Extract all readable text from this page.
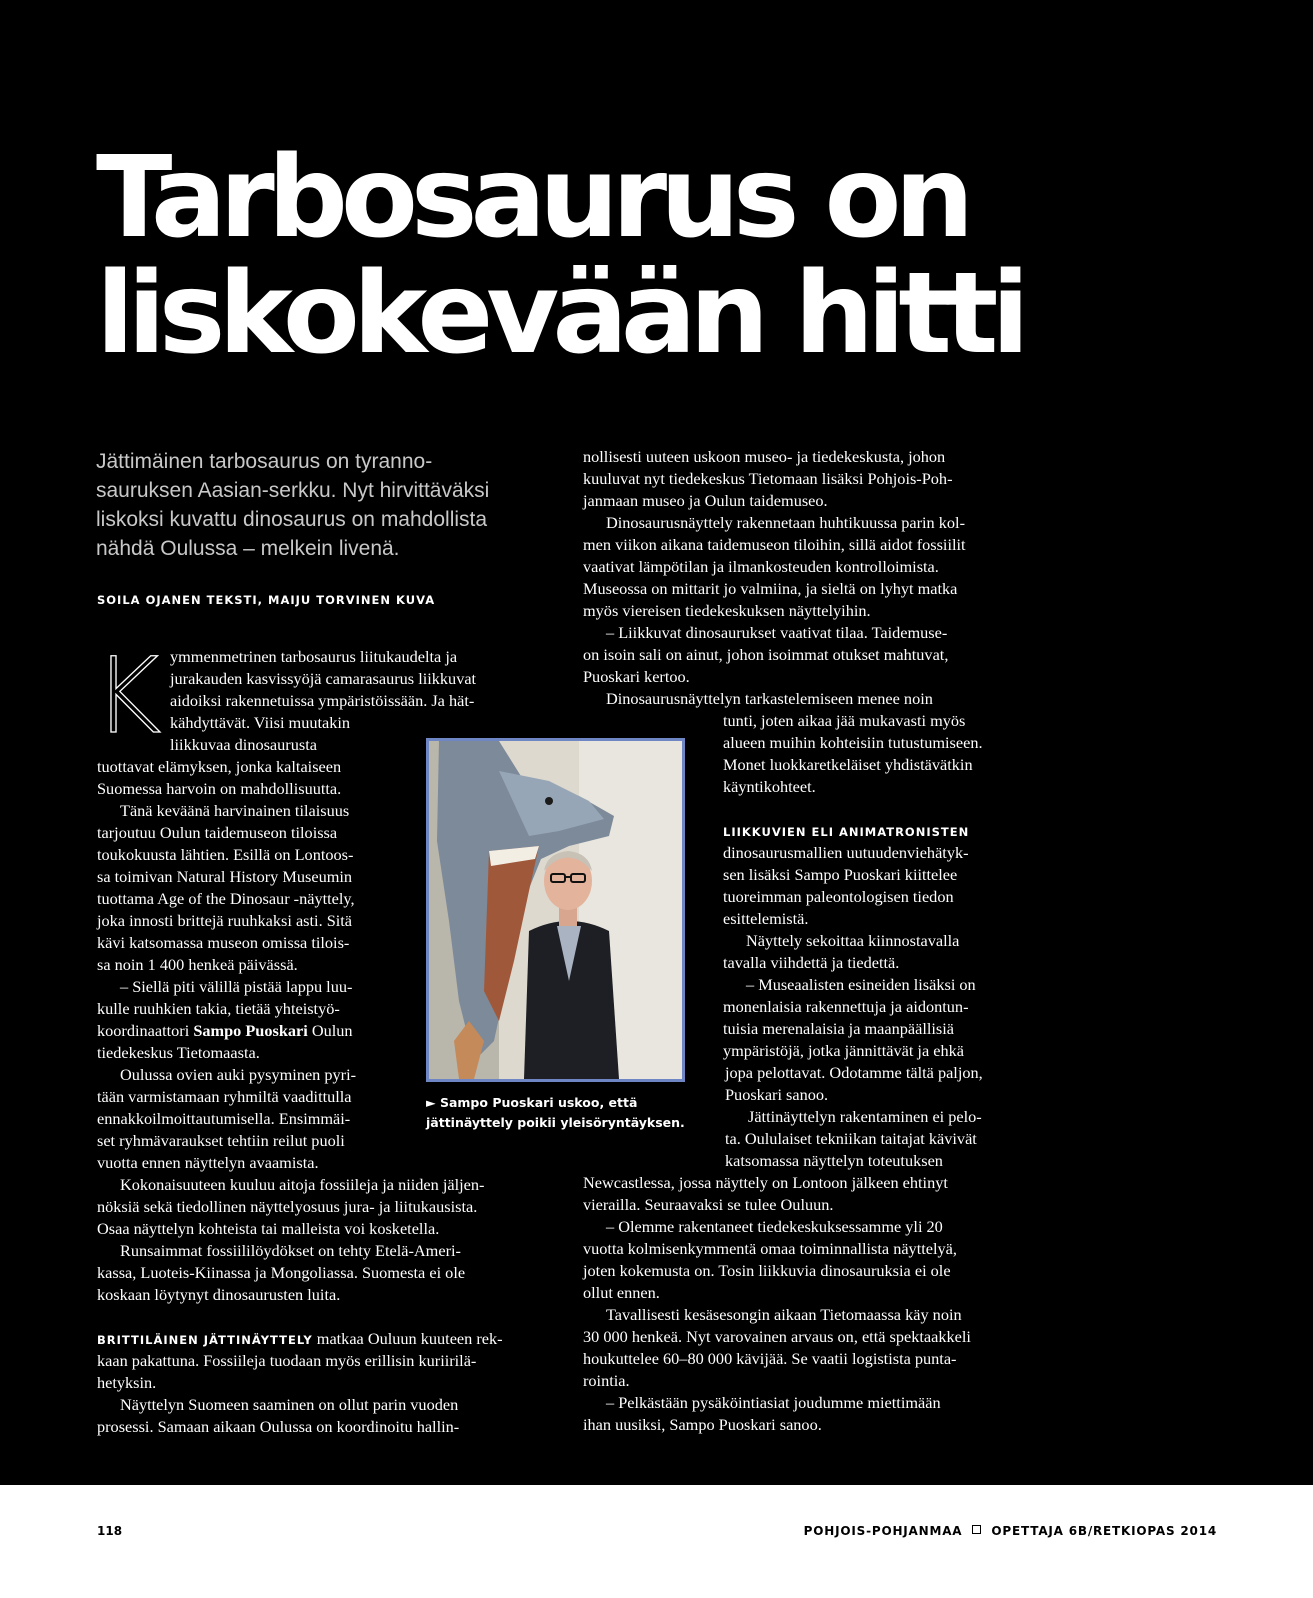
Tarbosaurus on
liskokevään hitti
Jättimäinen tarbosaurus on tyranno-
sauruksen Aasian-serkku. Nyt hirvittäväksi
liskoksi kuvattu dinosaurus on mahdollista
nähdä Oulussa – melkein livenä.
SOILA OJANEN TEKSTI, MAIJU TORVINEN KUVA
K ymmenmetrinen tarbosaurus liitukaudelta ja
jurakauden kasvissyöjä camarasaurus liikkuvat
aidoiksi rakennetuissa ympäristöissään. Ja hät-
kähdyttävät. Viisi muutakin
liikkuvaa dinosaurusta
tuottavat elämyksen, jonka kaltaiseen
Suomessa harvoin on mahdollisuutta.
Tänä keväänä harvinainen tilaisuus
tarjoutuu Oulun taidemuseon tiloissa
toukokuusta lähtien. Esillä on Lontoos-
sa toimivan Natural History Museumin
tuottama Age of the Dinosaur -näyttely,
joka innosti brittejä ruuhkaksi asti. Sitä
kävi katsomassa museon omissa tilois-
sa noin 1 400 henkeä päivässä.
– Siellä piti välillä pistää lappu luu-
kulle ruuhkien takia, tietää yhteistyö-
koordinaattori Sampo Puoskari Oulun
tiedekeskus Tietomaasta.
Oulussa ovien auki pysyminen pyri-
tään varmistamaan ryhmiltä vaadittulla
ennakkoilmoittautumisella. Ensimmäi-
set ryhmävaraukset tehtiin reilut puoli
vuotta ennen näyttelyn avaamista.
Kokonaisuuteen kuuluu aitoja fossiileja ja niiden jäljen-
nöksiä sekä tiedollinen näyttelyosuus jura- ja liitukausista.
Osaa näyttelyn kohteista tai malleista voi kosketella.
Runsaimmat fossiililöydökset on tehty Etelä-Ameri-
kassa, Luoteis-Kiinassa ja Mongoliassa. Suomesta ei ole
koskaan löytynyt dinosaurusten luita.
BRITTILÄINEN JÄTTINÄYTTELY matkaa Ouluun kuuteen rek-
kaan pakattuna. Fossiileja tuodaan myös erillisin kuriirilä-
hetyksin.
Näyttelyn Suomeen saaminen on ollut parin vuoden
prosessi. Samaan aikaan Oulussa on koordinoitu hallin-
► Sampo Puoskari uskoo, että
jättinäyttely poikii yleisöryntäyksen.
nollisesti uuteen uskoon museo- ja tiedekeskusta, johon
kuuluvat nyt tiedekeskus Tietomaan lisäksi Pohjois-Poh-
janmaan museo ja Oulun taidemuseo.
Dinosaurusnäyttely rakennetaan huhtikuussa parin kol-
men viikon aikana taidemuseon tiloihin, sillä aidot fossiilit
vaativat lämpötilan ja ilmankosteuden kontrolloimista.
Museossa on mittarit jo valmiina, ja sieltä on lyhyt matka
myös viereisen tiedekeskuksen näyttelyihin.
– Liikkuvat dinosaurukset vaativat tilaa. Taidemuse-
on isoin sali on ainut, johon isoimmat otukset mahtuvat,
Puoskari kertoo.
Dinosaurusnäyttelyn tarkastelemiseen menee noin
tunti, joten aikaa jää mukavasti myös
alueen muihin kohteisiin tutustumiseen.
Monet luokkaretkeläiset yhdistävätkin
käyntikohteet.
LIIKKUVIEN ELI ANIMATRONISTEN
dinosaurusmallien uutuudenviehätyk-
sen lisäksi Sampo Puoskari kiittelee
tuoreimman paleontologisen tiedon
esittelemistä.
Näyttely sekoittaa kiinnostavalla
tavalla viihdettä ja tiedettä.
– Museaalisten esineiden lisäksi on
monenlaisia rakennettuja ja aidontun-
tuisia merenalaisia ja maanpäällisiä
ympäristöjä, jotka jännittävät ja ehkä
jopa pelottavat. Odotamme tältä paljon,
Puoskari sanoo.
Jättinäyttelyn rakentaminen ei pelo-
ta. Oululaiset tekniikan taitajat kävivät
katsomassa näyttelyn toteutuksen
Newcastlessa, jossa näyttely on Lontoon jälkeen ehtinyt
vierailla. Seuraavaksi se tulee Ouluun.
– Olemme rakentaneet tiedekeskuksessamme yli 20
vuotta kolmisenkymmentä omaa toiminnallista näyttelyä,
joten kokemusta on. Tosin liikkuvia dinosauruksia ei ole
ollut ennen.
Tavallisesti kesäsesongin aikaan Tietomaassa käy noin
30 000 henkeä. Nyt varovainen arvaus on, että spektaakkeli
houkuttelee 60–80 000 kävijää. Se vaatii logistista punta-
rointia.
– Pelkästään pysäköintiasiat joudumme miettimään
ihan uusiksi, Sampo Puoskari sanoo.
118	POHJOIS-POHJANMAA OPETTAJA 6B/RETKIOPAS 2014
